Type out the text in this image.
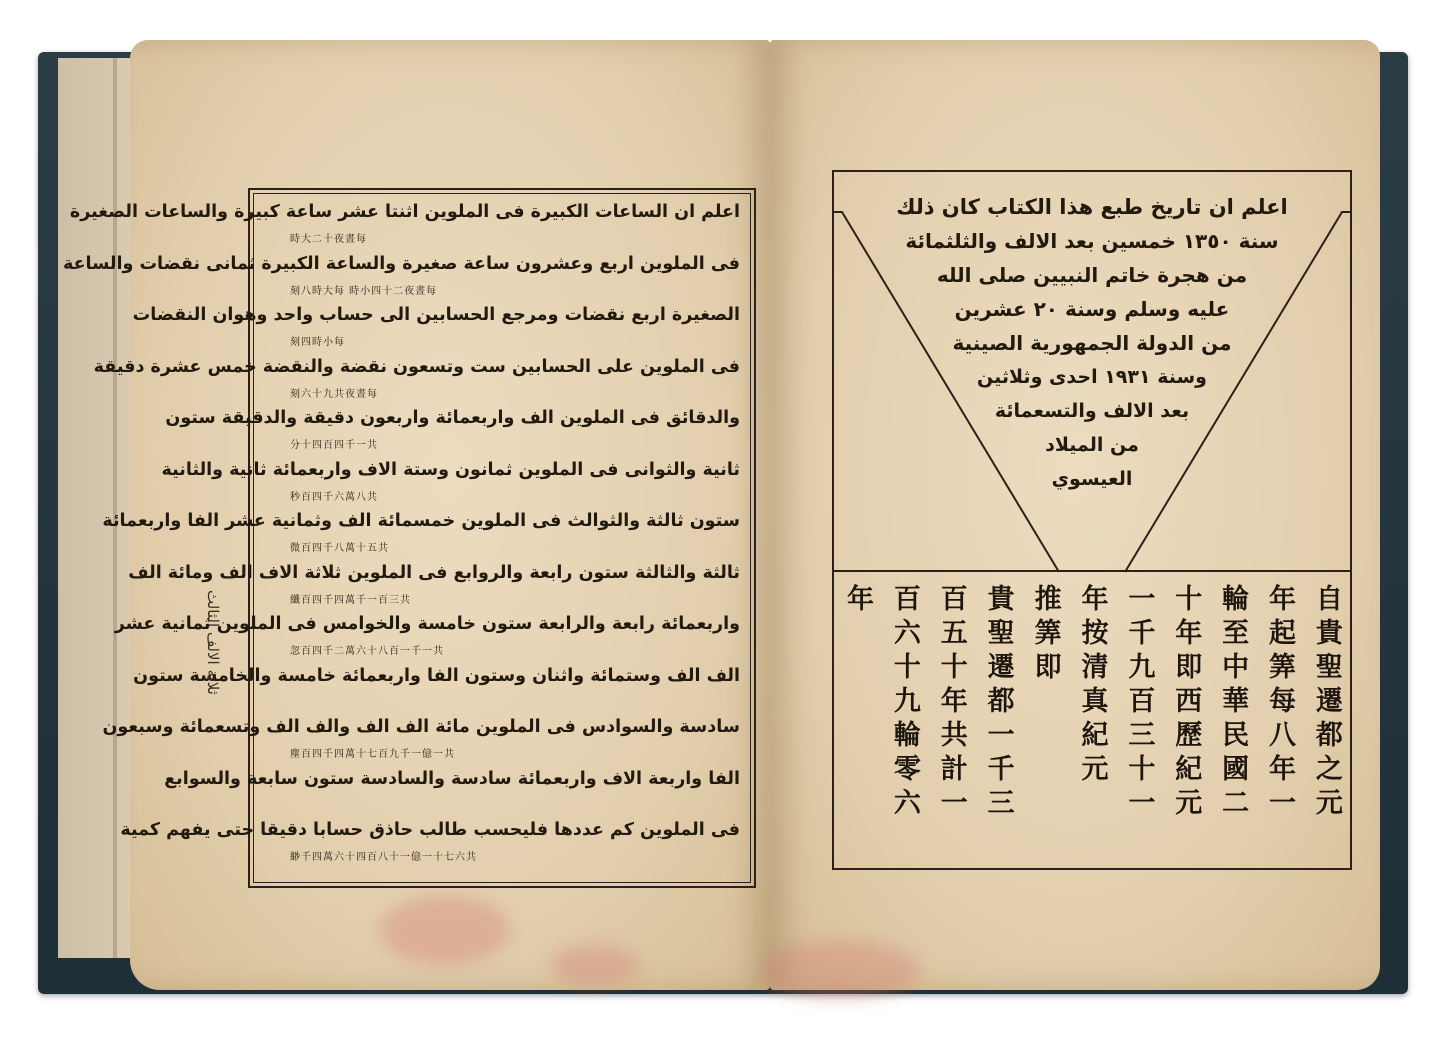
اعلم ان الساعات الكبيرة فى الملوين اثنتا عشر ساعة كبيرة والساعات الصغيرة
時大二十夜晝每
فى الملوين اربع وعشرون ساعة صغيرة والساعة الكبيرة ثمانى نقضات والساعة
刻八時大每 時小四十二夜晝每
الصغيرة اربع نقضات ومرجع الحسابين الى حساب واحد وهوان النقضات
刻四時小每
فى الملوين على الحسابين ست وتسعون نقضة والنقضة خمس عشرة دقيقة
刻六十九共夜晝每
والدقائق فى الملوين الف واربعمائة واربعون دقيقة والدقيقة ستون
分十四百四千一共
ثانية والثوانى فى الملوين ثمانون وستة الاف واربعمائة ثانية والثانية
秒百四千六萬八共
ستون ثالثة والثوالث فى الملوين خمسمائة الف وثمانية عشر الفا واربعمائة
微百四千八萬十五共
ثالثة والثالثة ستون رابعة والروابع فى الملوين ثلاثة الاف الف ومائة الف
纖百四千四萬千一百三共
واربعمائة رابعة والرابعة ستون خامسة والخوامس فى الملوين ثمانية عشر
忽百四千二萬六十八百一千一共
الف الف وستمائة واثنان وستون الفا واربعمائة خامسة والخامسة ستون
سادسة والسوادس فى الملوين مائة الف الف والف الف وتسعمائة وسبعون
塵百四千四萬十七百九千一億一共
الفا واربعة الاف واربعمائة سادسة والسادسة ستون سابعة والسوابع
فى الملوين كم عددها فليحسب طالب حاذق حسابا دقيقا حتى يفهم كمية
緲千四萬六十四百八十一億一十七六共
ثلاثة الالف الثالث
اعلم ان تاريخ طبع هذا الكتاب كان ذلك
سنة ١٣٥٠ خمسين بعد الالف والثلثمائة
من هجرة خاتم النبيين صلى الله
عليه وسلم وسنة ٢٠ عشرين
من الدولة الجمهورية الصينية
وسنة ١٩٣١ احدى وثلاثين
بعد الالف والتسعمائة
من الميلاد
العيسوي
自貴聖遷都之元
年起筭每八年一
輪至中華民國二
十年即西歷紀元
一千九百三十一
年按清真紀元
推筭即
貴聖遷都一千三
百五十年共計一
百六十九輪零六
年
